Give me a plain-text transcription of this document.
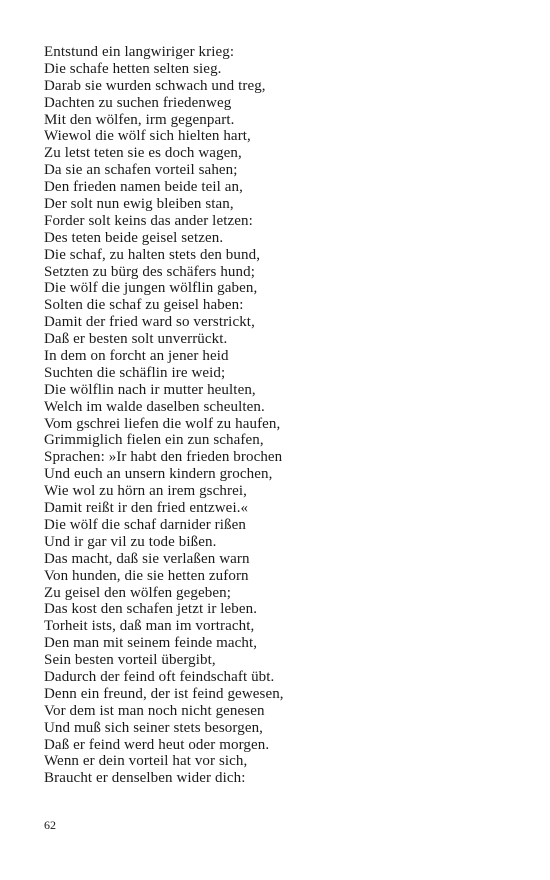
Entstund ein langwiriger krieg:
Die schafe hetten selten sieg.
Darab sie wurden schwach und treg,
Dachten zu suchen friedenweg
Mit den wölfen, irm gegenpart.
Wiewol die wölf sich hielten hart,
Zu letst teten sie es doch wagen,
Da sie an schafen vorteil sahen;
Den frieden namen beide teil an,
Der solt nun ewig bleiben stan,
Forder solt keins das ander letzen:
Des teten beide geisel setzen.
Die schaf, zu halten stets den bund,
Setzten zu bürg des schäfers hund;
Die wölf die jungen wölflin gaben,
Solten die schaf zu geisel haben:
Damit der fried ward so verstrickt,
Daß er besten solt unverrückt.
In dem on forcht an jener heid
Suchten die schäflin ire weid;
Die wölflin nach ir mutter heulten,
Welch im walde daselben scheulten.
Vom gschrei liefen die wolf zu haufen,
Grimmiglich fielen ein zun schafen,
Sprachen: »Ir habt den frieden brochen
Und euch an unsern kindern grochen,
Wie wol zu hörn an irem gschrei,
Damit reißt ir den fried entzwei.«
Die wölf die schaf darnider rißen
Und ir gar vil zu tode bißen.
Das macht, daß sie verlaßen warn
Von hunden, die sie hetten zuforn
Zu geisel den wölfen gegeben;
Das kost den schafen jetzt ir leben.
Torheit ists, daß man im vortracht,
Den man mit seinem feinde macht,
Sein besten vorteil übergibt,
Dadurch der feind oft feindschaft übt.
Denn ein freund, der ist feind gewesen,
Vor dem ist man noch nicht genesen
Und muß sich seiner stets besorgen,
Daß er feind werd heut oder morgen.
Wenn er dein vorteil hat vor sich,
Braucht er denselben wider dich:
62
